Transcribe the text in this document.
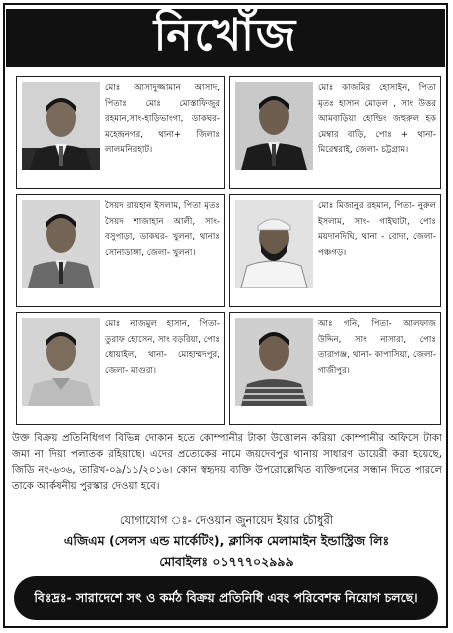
নিখোঁজ
মোঃ আসাদুজ্জামান আসাদ, পিতাঃ মোঃ মোস্তাফিজুর রহমান,সাং-হাড়িভাংগা, ডাকঘর-মহেন্দ্রনগর, থানা+ জিলাঃ লালমনিরহাট।
মোঃ কাজমির হোসাইন, পিতা মৃতঃ হাসান মোড়ল , সাং উত্তর আমবাড়িয়া হোল্ডিং জহুরুল হক মেম্বার বাড়ি, পোঃ + থানা- মিরেশ্বরাই, জেলা- চট্টগ্রাম।
সৈয়দ রায়হান ইসলাম, পিতা মৃতঃ সৈয়দ শাজাহান আলী, সাং- বসুপাড়া, ডাকঘর- খুলনা, থানাঃ সোনাডাঙ্গা, জেলা- খুলনা।
মোঃ মিজানুর রহমান, পিতা- নুরুল ইসলাম, সাং- গাইঘাটা, পোঃ ময়দানদিঘি, থানা - বোদা, জেলা- পঞ্চগড়।
মোঃ নাজমুল হাসান, পিতা- তুরাফ হোসেন, সাং বড়রিয়া, পোঃ ধোয়াইল, থানা- মোহাম্মদপুর, জেলা- মাগুরা।
আঃ গনি, পিতা- আলফাজ উদ্দিন, সাং নাসারা, পোঃ তারাগঞ্জ, থানা- কাপাসিয়া, জেলা- গাজীপুর।
উক্ত বিক্রয় প্রতিনিধিগণ বিভিন্ন দোকান হতে কোম্পানীর টাকা উত্তোলন করিয়া কোম্পানীর অফিসে টাকা জমা না দিয়া পলাতক রহিয়াছে। এদের প্রত্যেকের নামে জয়দেবপুর থানায় সাধারণ ডায়েরী করা হয়েছে, জিডি নং-৬৩৬, তারিখ-০৯/১১/২০১৬। কোন স্বহৃদয় ব্যক্তি উপরোল্লেখিত ব্যক্তিগনের সন্ধান দিতে পারলে তাকে আর্কষনীয় পুরস্কার দেওয়া হবে।
যোগাযোগ ঃ- দেওয়ান জুনায়েদ ইয়ার চৌধুরী
এজিএম (সেলস এন্ড মার্কেটিং), ক্লাসিক মেলামাইন ইন্ডাস্ট্রিজ লিঃ
মোবাইলঃ ০১৭৭৭০২৯৯৯
বিঃদ্রঃ- সারাদেশে সৎ ও কর্মঠ বিক্রয় প্রতিনিধি এবং পরিবেশক নিয়োগ চলছে।
